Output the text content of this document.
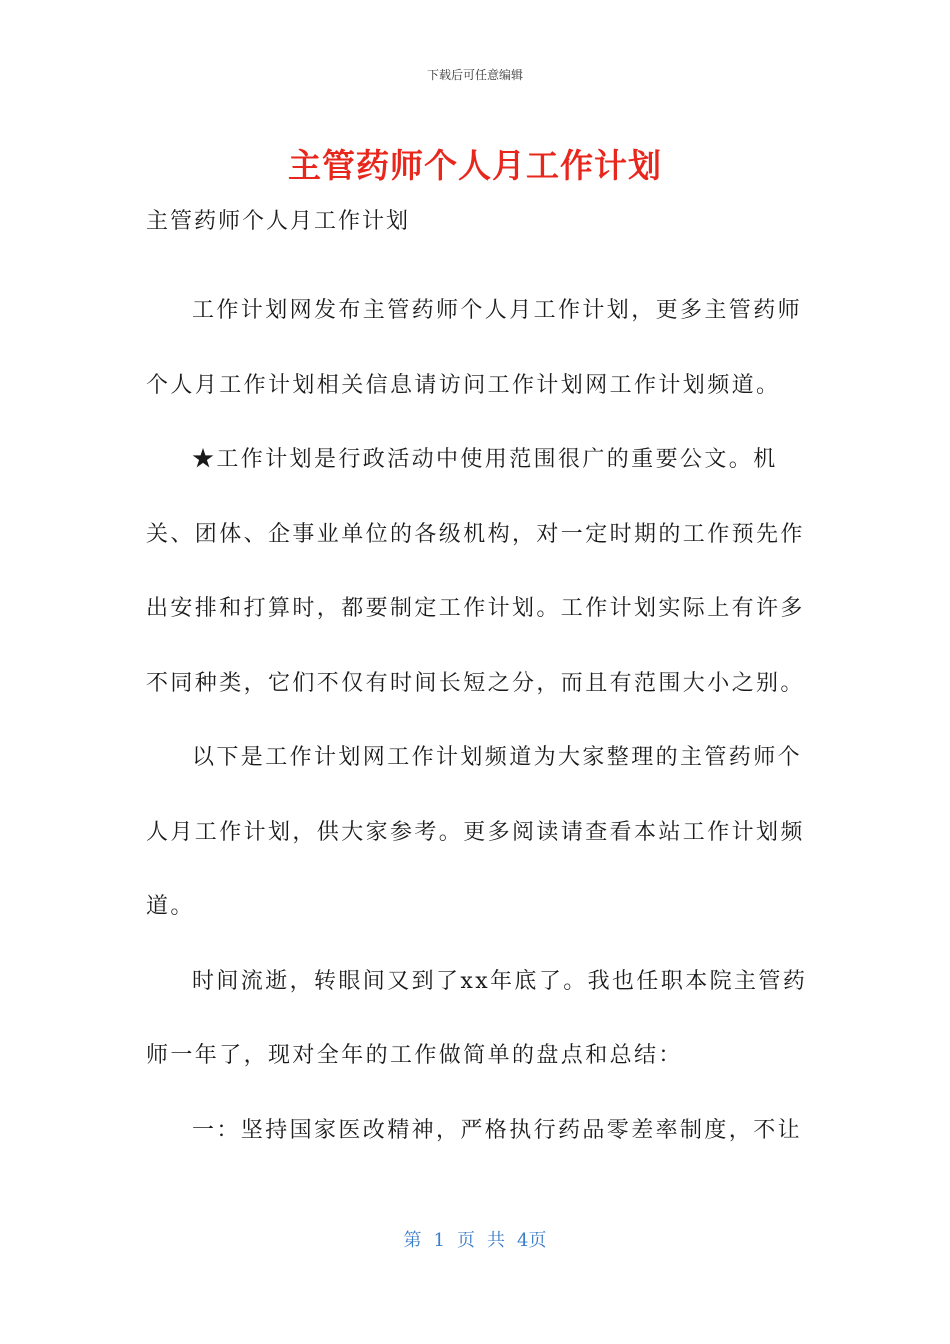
下载后可任意编辑
主管药师个人月工作计划
主管药师个人月工作计划

工作计划网发布主管药师个人月工作计划，更多主管药师个人月工作计划相关信息请访问工作计划网工作计划频道。

★工作计划是行政活动中使用范围很广的重要公文。机关、团体、企事业单位的各级机构，对一定时期的工作预先作出安排和打算时，都要制定工作计划。工作计划实际上有许多不同种类，它们不仅有时间长短之分，而且有范围大小之别。

以下是工作计划网工作计划频道为大家整理的主管药师个人月工作计划，供大家参考。更多阅读请查看本站工作计划频道。

时间流逝，转眼间又到了xx年底了。我也任职本院主管药师一年了，现对全年的工作做简单的盘点和总结：

一：坚持国家医改精神，严格执行药品零差率制度，不让

第 1 页 共 4页
